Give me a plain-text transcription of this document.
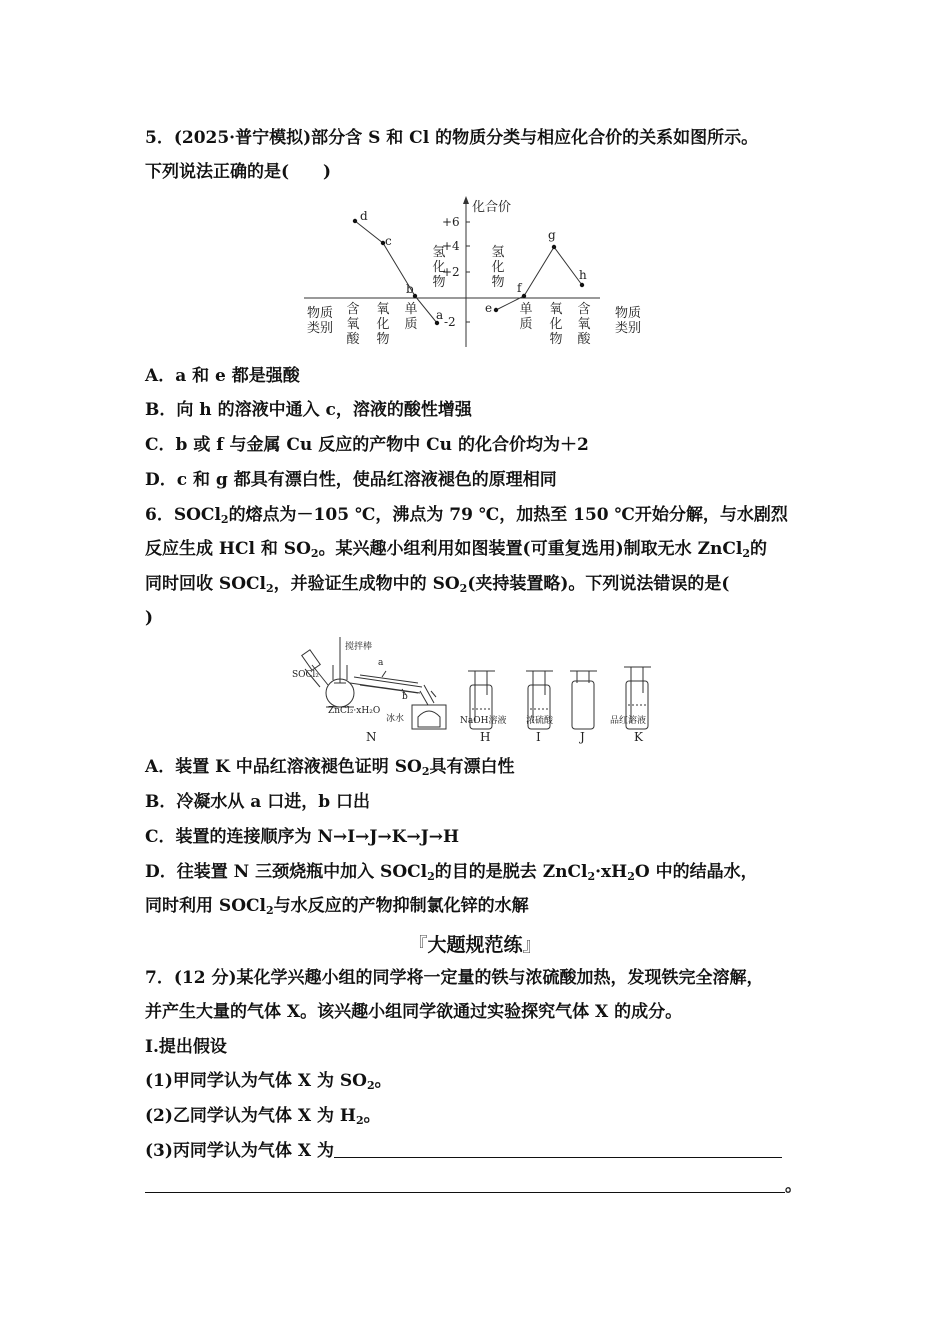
5．(2025·普宁模拟)部分含 S 和 Cl 的物质分类与相应化合价的关系如图所示。
下列说法正确的是(　　)
d
c
b
a	e
f
g
h
化合价
+6
+4
+2
-2
物质类别
含氧酸
氧化物
单质
氢化物
氢化物
单质
氧化物
含氧酸
物质类别
A．a 和 e 都是强酸
B．向 h 的溶液中通入 c，溶液的酸性增强
C．b 或 f 与金属 Cu 反应的产物中 Cu 的化合价均为＋2
D．c 和 g 都具有漂白性，使品红溶液褪色的原理相同
6．SOCl$_2$的熔点为－105 ℃，沸点为 79 ℃，加热至 150 ℃开始分解，与水剧烈
反应生成 HCl 和 $SO_2$。某兴趣小组利用如图装置(可重复选用)制取无水 ZnCl$_2$的
同时回收 SOCl$_2$，并验证生成物中的 $SO_2$(夹持装置略)。下列说法错误的是(
)
搅拌棒
SOCl₂
ZnCl₂·xH₂O
冰水
a
b
NaOH溶液 浓硫酸	品红溶液
N	H	I	J	K
A．装置 K 中品红溶液褪色证明 $SO_2$具有漂白性
B．冷凝水从 a 口进，b 口出
C．装置的连接顺序为 N→I→J→K→J→H
D．往装置 N 三颈烧瓶中加入 SOCl$_2$的目的是脱去 $ZnCl_2\cdot xH_2O$ 中的结晶水，
同时利用 SOCl$_2$与水反应的产物抑制氯化锌的水解
『大题规范练』
7．(12 分)某化学兴趣小组的同学将一定量的铁与浓硫酸加热，发现铁完全溶解，
并产生大量的气体 X。该兴趣小组同学欲通过实验探究气体 X 的成分。
Ⅰ.提出假设
(1)甲同学认为气体 X 为 $SO_2$。
(2)乙同学认为气体 X 为 $H_2$。
(3)丙同学认为气体 X 为
。
